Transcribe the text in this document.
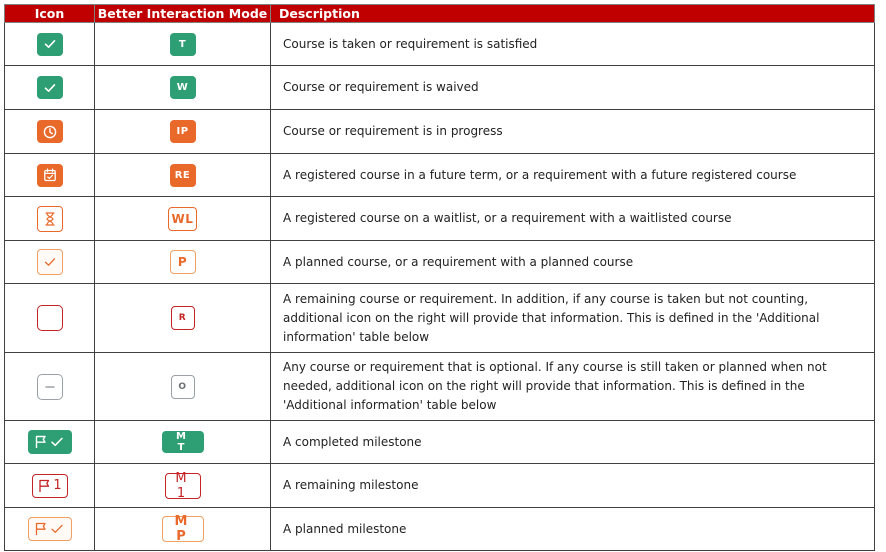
Icon	Better Interaction Mode	Description

	T	Course is taken or requirement is satisfied

	W	Course or requirement is waived

	IP	Course or requirement is in progress

	RE	A registered course in a future term, or a requirement with a future registered course

	WL	A registered course on a waitlist, or a requirement with a waitlisted course

	P	A planned course, or a requirement with a planned course
	R	A remaining course or requirement. In addition, if any course is taken but not counting, additional icon on the right will provide that information. This is defined in the 'Additional information' table below

	O	Any course or requirement that is optional. If any course is still taken or planned when not needed, additional icon on the right will provide that information. This is defined in the 'Additional information' table below

	M T	A completed milestone

1	M 1	A remaining milestone

	M P	A planned milestone
